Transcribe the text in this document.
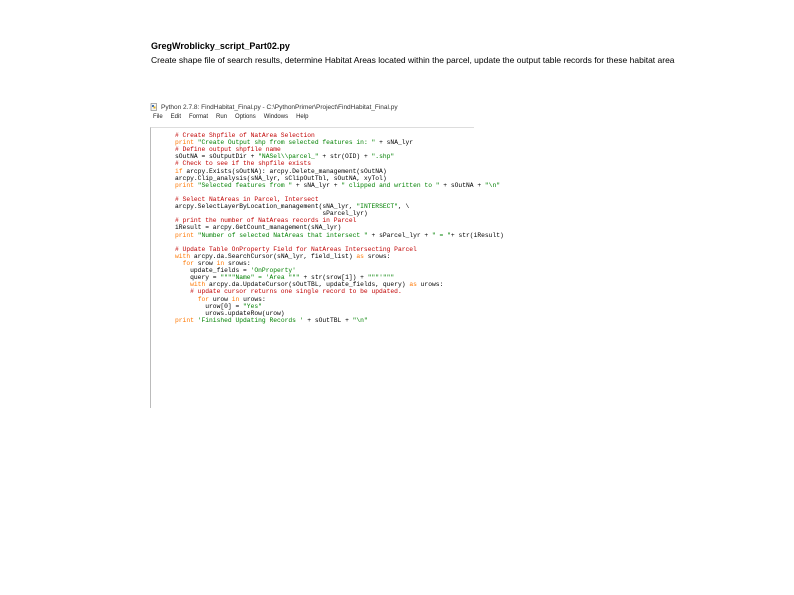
GregWroblicky_script_Part02.py
Create shape file of search results, determine Habitat Areas located within the parcel, update the output table records for these habitat area
Python 2.7.8: FindHabitat_Final.py - C:\PythonPrimer\Project\FindHabitat_Final.py
File Edit Format Run Options Windows Help
# Create Shpfile of NatArea Selection
print "Create Output shp from selected features in: " + sNA_lyr
# Define output shpfile name
sOutNA = sOutputDir + "NASel\\parcel_" + str(OID) + ".shp"
# Check to see if the shpfile exists
if arcpy.Exists(sOutNA): arcpy.Delete_management(sOutNA)
arcpy.Clip_analysis(sNA_lyr, sClipOutTbl, sOutNA, xyTol)
print "Selected features from " + sNA_lyr + " clipped and written to " + sOutNA + "\n"
# Select NatAreas in Parcel, Intersect
arcpy.SelectLayerByLocation_management(sNA_lyr, "INTERSECT", \
sParcel_lyr)
# print the number of NatAreas records in Parcel
iResult = arcpy.GetCount_management(sNA_lyr)
print "Number of selected NatAreas that intersect " + sParcel_lyr + " = "+ str(iResult)
# Update Table OnProperty Field for NatAreas Intersecting Parcel
with arcpy.da.SearchCursor(sNA_lyr, field_list) as srows:
for srow in srows:
update_fields = 'OnProperty'
query = """"Name" = 'Area """ + str(srow[1]) + """'"""
with arcpy.da.UpdateCursor(sOutTBL, update_fields, query) as urows:
# update cursor returns one single record to be updated.
for urow in urows:
urow[0] = "Yes"
urows.updateRow(urow)
print 'Finished Updating Records ' + sOutTBL + "\n"
